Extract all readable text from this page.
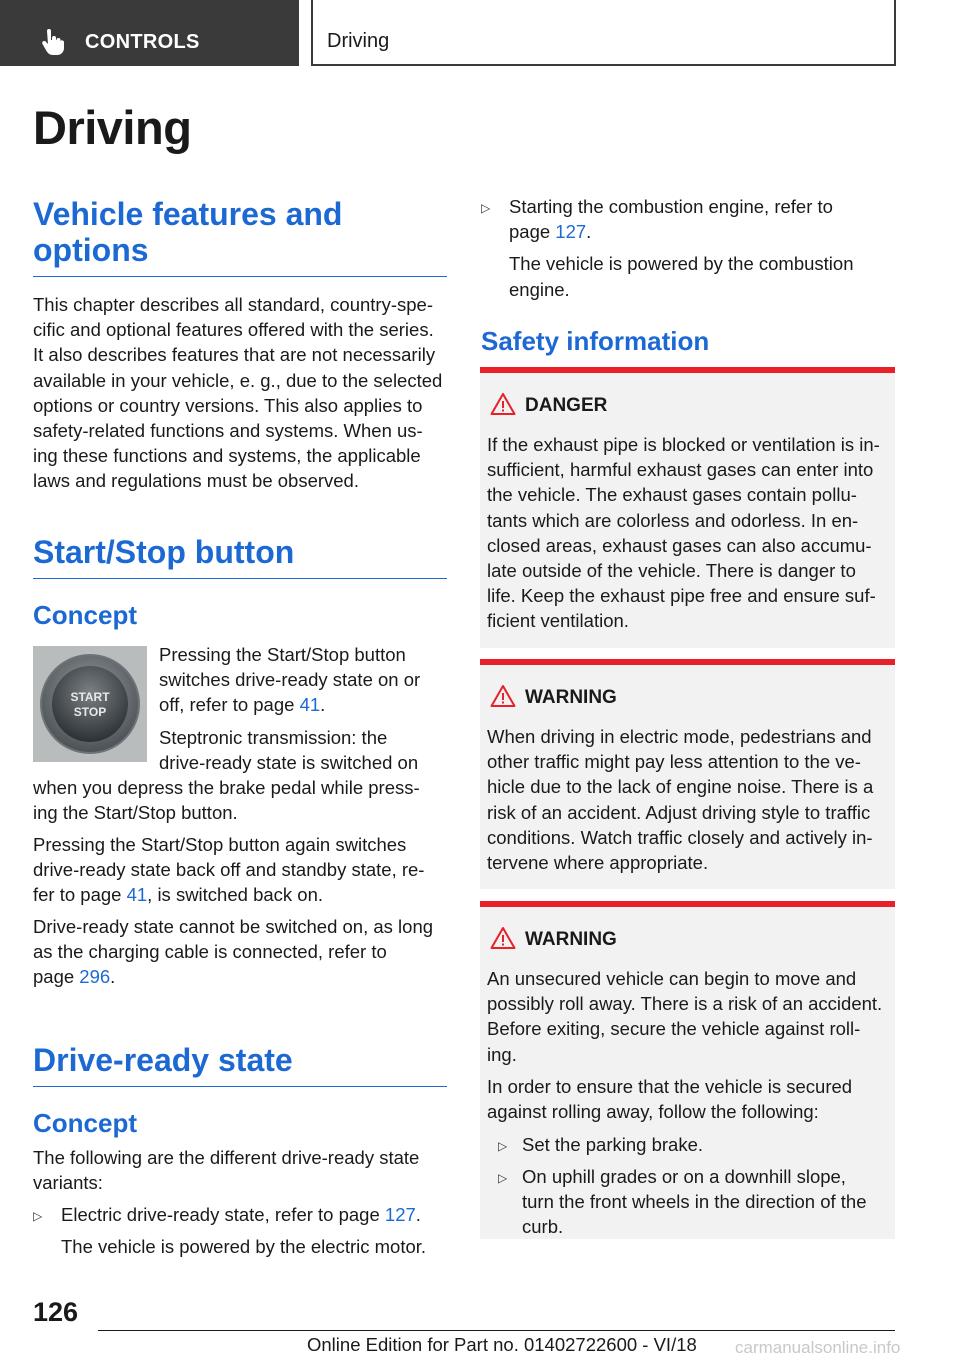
CONTROLS	Driving
Driving
Vehicle features and
options
This chapter describes all standard, country-spe-
cific and optional features offered with the series.
It also describes features that are not necessarily
available in your vehicle, e. g., due to the selected
options or country versions. This also applies to
safety-related functions and systems. When us-
ing these functions and systems, the applicable
laws and regulations must be observed.
Start/Stop button
Concept
START
STOP
Pressing the Start/Stop button
switches drive-ready state on or
off, refer to page 41.
Steptronic transmission: the
drive-ready state is switched on
when you depress the brake pedal while press-
ing the Start/Stop button.
Pressing the Start/Stop button again switches
drive-ready state back off and standby state, re-
fer to page 41, is switched back on.
Drive-ready state cannot be switched on, as long
as the charging cable is connected, refer to
page 296.
Drive-ready state
Concept
The following are the different drive-ready state
variants:
▷	Electric drive-ready state, refer to page 127.
The vehicle is powered by the electric motor.
▷	Starting the combustion engine, refer to
page 127.
The vehicle is powered by the combustion
engine.
Safety information
DANGER
If the exhaust pipe is blocked or ventilation is in-
sufficient, harmful exhaust gases can enter into
the vehicle. The exhaust gases contain pollu-
tants which are colorless and odorless. In en-
closed areas, exhaust gases can also accumu-
late outside of the vehicle. There is danger to
life. Keep the exhaust pipe free and ensure suf-
ficient ventilation.
WARNING
When driving in electric mode, pedestrians and
other traffic might pay less attention to the ve-
hicle due to the lack of engine noise. There is a
risk of an accident. Adjust driving style to traffic
conditions. Watch traffic closely and actively in-
tervene where appropriate.
WARNING
An unsecured vehicle can begin to move and
possibly roll away. There is a risk of an accident.
Before exiting, secure the vehicle against roll-
ing.
In order to ensure that the vehicle is secured
against rolling away, follow the following:
▷ Set the parking brake.
▷ On uphill grades or on a downhill slope,
turn the front wheels in the direction of the
curb.
126
Online Edition for Part no. 01402722600 - VI/18 carmanualsonline.info
